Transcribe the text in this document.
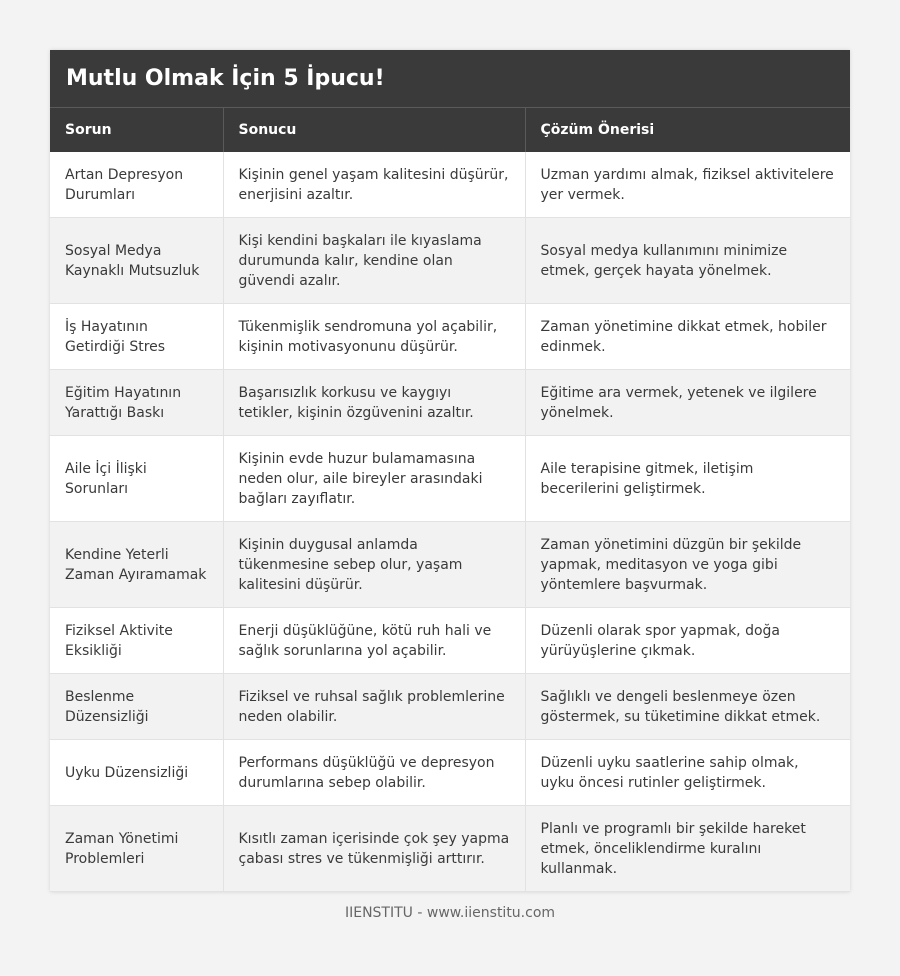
Mutlu Olmak İçin 5 İpucu!
Sorun	Sonucu	Çözüm Önerisi
Artan Depresyon Durumları	Kişinin genel yaşam kalitesini düşürür, enerjisini azaltır.	Uzman yardımı almak, fiziksel aktivitelere yer vermek.
Sosyal Medya Kaynaklı Mutsuzluk	Kişi kendini başkaları ile kıyaslama durumunda kalır, kendine olan güvendi azalır.	Sosyal medya kullanımını minimize etmek, gerçek hayata yönelmek.
İş Hayatının Getirdiği Stres	Tükenmişlik sendromuna yol açabilir, kişinin motivasyonunu düşürür.	Zaman yönetimine dikkat etmek, hobiler edinmek.
Eğitim Hayatının Yarattığı Baskı	Başarısızlık korkusu ve kaygıyı tetikler, kişinin özgüvenini azaltır.	Eğitime ara vermek, yetenek ve ilgilere yönelmek.
Aile İçi İlişki Sorunları	Kişinin evde huzur bulamamasına neden olur, aile bireyler arasındaki bağları zayıflatır.	Aile terapisine gitmek, iletişim becerilerini geliştirmek.
Kendine Yeterli Zaman Ayıramamak	Kişinin duygusal anlamda tükenmesine sebep olur, yaşam kalitesini düşürür.	Zaman yönetimini düzgün bir şekilde yapmak, meditasyon ve yoga gibi yöntemlere başvurmak.
Fiziksel Aktivite Eksikliği	Enerji düşüklüğüne, kötü ruh hali ve sağlık sorunlarına yol açabilir.	Düzenli olarak spor yapmak, doğa yürüyüşlerine çıkmak.
Beslenme Düzensizliği	Fiziksel ve ruhsal sağlık problemlerine neden olabilir.	Sağlıklı ve dengeli beslenmeye özen göstermek, su tüketimine dikkat etmek.
Uyku Düzensizliği	Performans düşüklüğü ve depresyon durumlarına sebep olabilir.	Düzenli uyku saatlerine sahip olmak, uyku öncesi rutinler geliştirmek.
Zaman Yönetimi Problemleri	Kısıtlı zaman içerisinde çok şey yapma çabası stres ve tükenmişliği arttırır.	Planlı ve programlı bir şekilde hareket etmek, önceliklendirme kuralını kullanmak.
IIENSTITU - www.iienstitu.com
